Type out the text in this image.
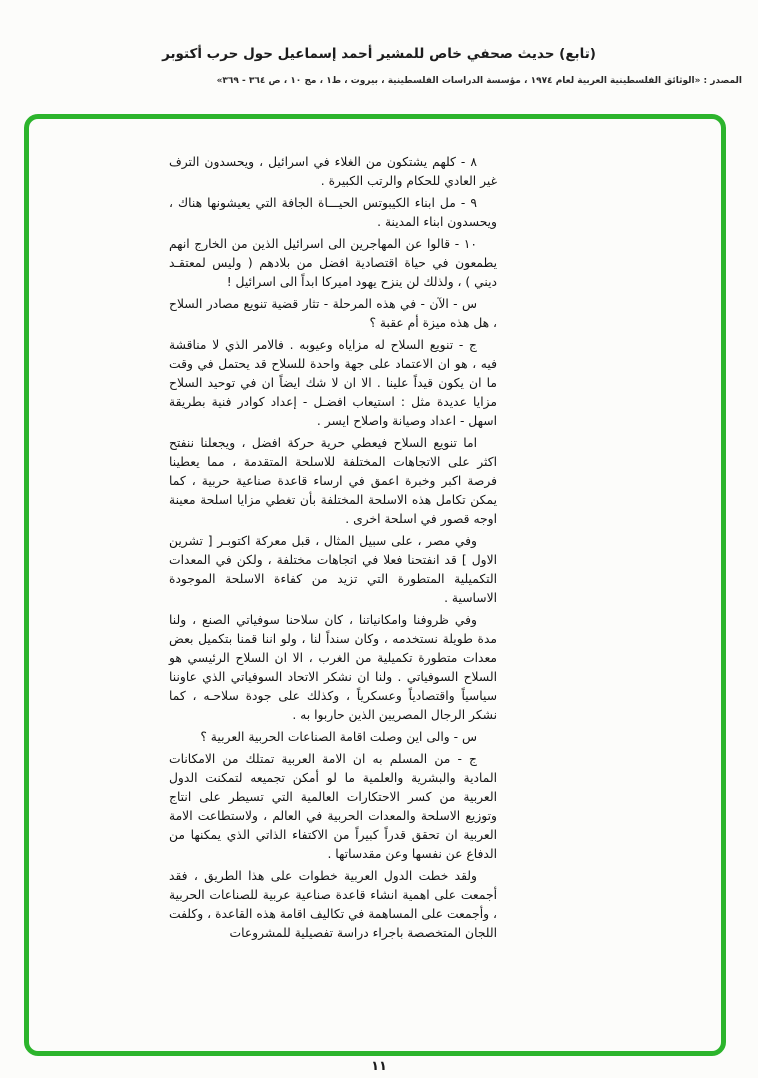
(تابع) حديث صحفي خاص للمشير أحمد إسماعيل حول حرب أكتوبر
المصدر : «الوثائق الفلسطينية العربية لعام ١٩٧٤ ، مؤسسة الدراسات الفلسطينية ، بيروت ، ط١ ، مج ١٠ ، ص ٣٦٤ - ٣٦٩»

٨ - كلهم يشتكون من الغلاء في اسرائيل ، ويحسدون الترف غير العادي للحكام والرتب الكبيرة .

٩ - مل ابناء الكيبوتس الحيـــاة الجافة التي يعيشونها هناك ، ويحسدون ابناء المدينة .

١٠ - قالوا عن المهاجرين الى اسرائيل الذين من الخارج انهم يطمعون في حياة اقتصادية افضل من بلادهم ( وليس لمعتقـد ديني ) ، ولذلك لن ينزح يهود اميركا ابداً الى اسرائيل !

س - الآن - في هذه المرحلة - تثار قضية تنويع مصادر السلاح ، هل هذه ميزة أم عقبة ؟

ج - تنويع السلاح له مزاياه وعيوبه . فالامر الذي لا مناقشة فيه ، هو ان الاعتماد على جهة واحدة للسلاح قد يحتمل في وقت ما ان يكون قيداً علينا . الا ان لا شك ايضاً ان في توحيد السلاح مزايا عديدة مثل : استيعاب افضـل - إعداد كوادر فنية بطريقة اسهل - اعداد وصيانة واصلاح ايسر .

اما تنويع السلاح فيعطي حرية حركة افضل ، ويجعلنا ننفتح اكثر على الاتجاهات المختلفة للاسلحة المتقدمة ، مما يعطينا فرصة اكبر وخبرة اعمق في ارساء قاعدة صناعية حربية ، كما يمكن تكامل هذه الاسلحة المختلفة بأن تغطي مزايا اسلحة معينة اوجه قصور في اسلحة اخرى .

وفي مصر ، على سبيل المثال ، قبل معركة اكتوبـر [ تشرين الاول ] قد انفتحنا فعلا في اتجاهات مختلفة ، ولكن في المعدات التكميلية المتطورة التي تزيد من كفاءة الاسلحة الموجودة الاساسية .

وفي ظروفنا وامكانياتنا ، كان سلاحنا سوفياتي الصنع ، ولنا مدة طويلة نستخدمه ، وكان سنداً لنا ، ولو اننا قمنا بتكميل بعض معدات متطورة تكميلية من الغرب ، الا ان السلاح الرئيسي هو السلاح السوفياتي . ولنا ان نشكر الاتحاد السوفياتي الذي عاوننا سياسياً واقتصادياً وعسكرياً ، وكذلك على جودة سلاحـه ، كما نشكر الرجال المصريين الذين حاربوا به .

س - والى اين وصلت اقامة الصناعات الحربية العربية ؟

ج - من المسلم به ان الامة العربية تمتلك من الامكانات المادية والبشرية والعلمية ما لو أمكن تجميعه لتمكنت الدول العربية من كسر الاحتكارات العالمية التي تسيطر على انتاج وتوزيع الاسلحة والمعدات الحربية في العالم ، ولاستطاعت الامة العربية ان تحقق قدراً كبيراً من الاكتفاء الذاتي الذي يمكنها من الدفاع عن نفسها وعن مقدساتها .

ولقد خطت الدول العربية خطوات على هذا الطريق ، فقد أجمعت على اهمية انشاء قاعدة صناعية عربية للصناعات الحربية ، وأجمعت على المساهمة في تكاليف اقامة هذه القاعدة ، وكلفت اللجان المتخصصة باجراء دراسة تفصيلية للمشروعات

١١
